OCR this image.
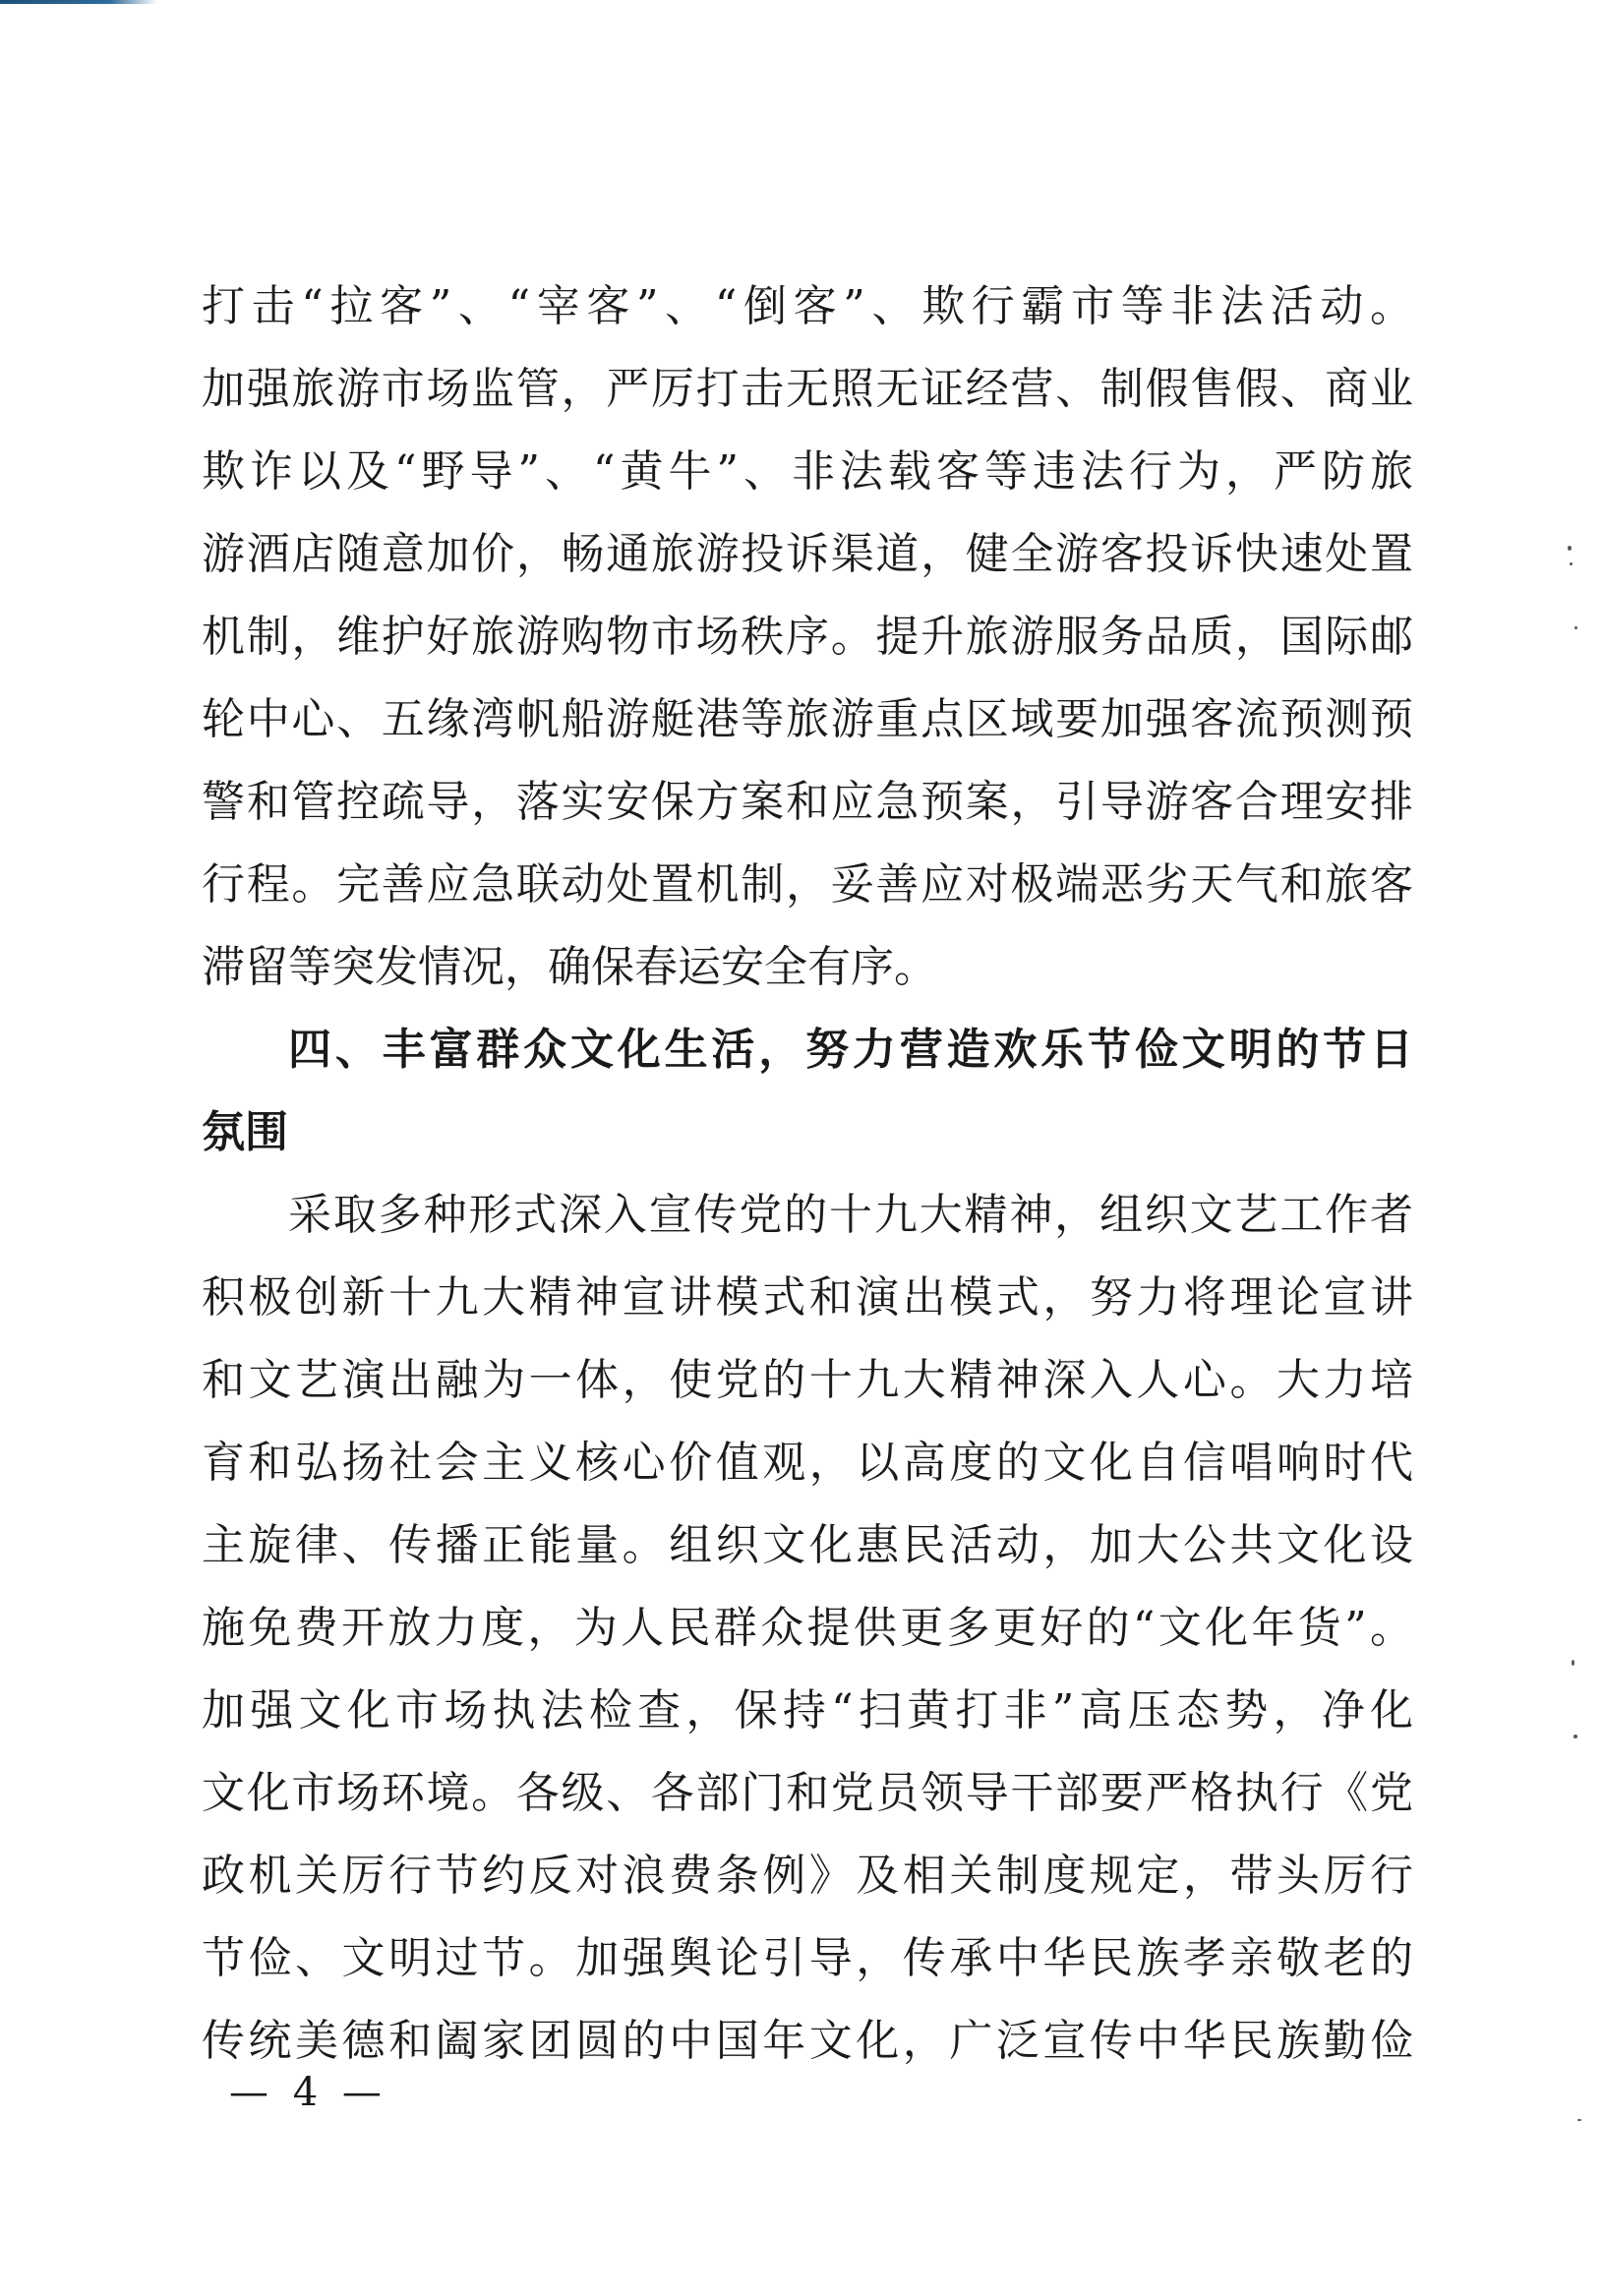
打击“拉客”、“宰客”、“倒客”、欺行霸市等非法活动。
加强旅游市场监管，严厉打击无照无证经营、制假售假、商业
欺诈以及“野导”、“黄牛”、非法载客等违法行为，严防旅
游酒店随意加价，畅通旅游投诉渠道，健全游客投诉快速处置
机制，维护好旅游购物市场秩序。提升旅游服务品质，国际邮
轮中心、五缘湾帆船游艇港等旅游重点区域要加强客流预测预
警和管控疏导，落实安保方案和应急预案，引导游客合理安排
行程。完善应急联动处置机制，妥善应对极端恶劣天气和旅客
滞留等突发情况，确保春运安全有序。
四、丰富群众文化生活，努力营造欢乐节俭文明的节日
氛围
采取多种形式深入宣传党的十九大精神，组织文艺工作者
积极创新十九大精神宣讲模式和演出模式，努力将理论宣讲
和文艺演出融为一体，使党的十九大精神深入人心。大力培
育和弘扬社会主义核心价值观，以高度的文化自信唱响时代
主旋律、传播正能量。组织文化惠民活动，加大公共文化设
施免费开放力度，为人民群众提供更多更好的“文化年货”。
加强文化市场执法检查，保持“扫黄打非”高压态势，净化
文化市场环境。各级、各部门和党员领导干部要严格执行《党
政机关厉行节约反对浪费条例》及相关制度规定，带头厉行
节俭、文明过节。加强舆论引导，传承中华民族孝亲敬老的
传统美德和阖家团圆的中国年文化，广泛宣传中华民族勤俭
— 4 —
